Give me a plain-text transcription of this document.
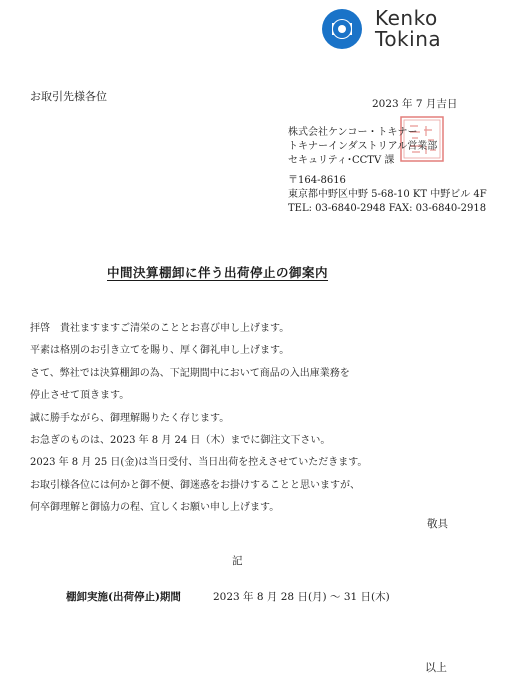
Kenko
Tokina
お取引先様各位
2023 年 7 月吉日
株式会社ケンコー・トキナー
トキナーインダストリアル営業部
セキュリティ･CCTV 課
〒164-8616
東京都中野区中野 5-68-10 KT 中野ビル 4F
TEL: 03-6840-2948 FAX: 03-6840-2918
中間決算棚卸に伴う出荷停止の御案内
拝啓　貴社ますますご清栄のこととお喜び申し上げます。
平素は格別のお引き立てを賜り、厚く御礼申し上げます。
さて、弊社では決算棚卸の為、下記期間中において商品の入出庫業務を
停止させて頂きます。
誠に勝手ながら、御理解賜りたく存じます。
お急ぎのものは、2023 年 8 月 24 日（木）までに御注文下さい。
2023 年 8 月 25 日(金)は当日受付、当日出荷を控えさせていただきます。
お取引様各位には何かと御不便、御迷惑をお掛けすることと思いますが、
何卒御理解と御協力の程、宜しくお願い申し上げます。
敬具
記
棚卸実施(出荷停止)期間	2023 年 8 月 28 日(月) ～ 31 日(木)
以上
